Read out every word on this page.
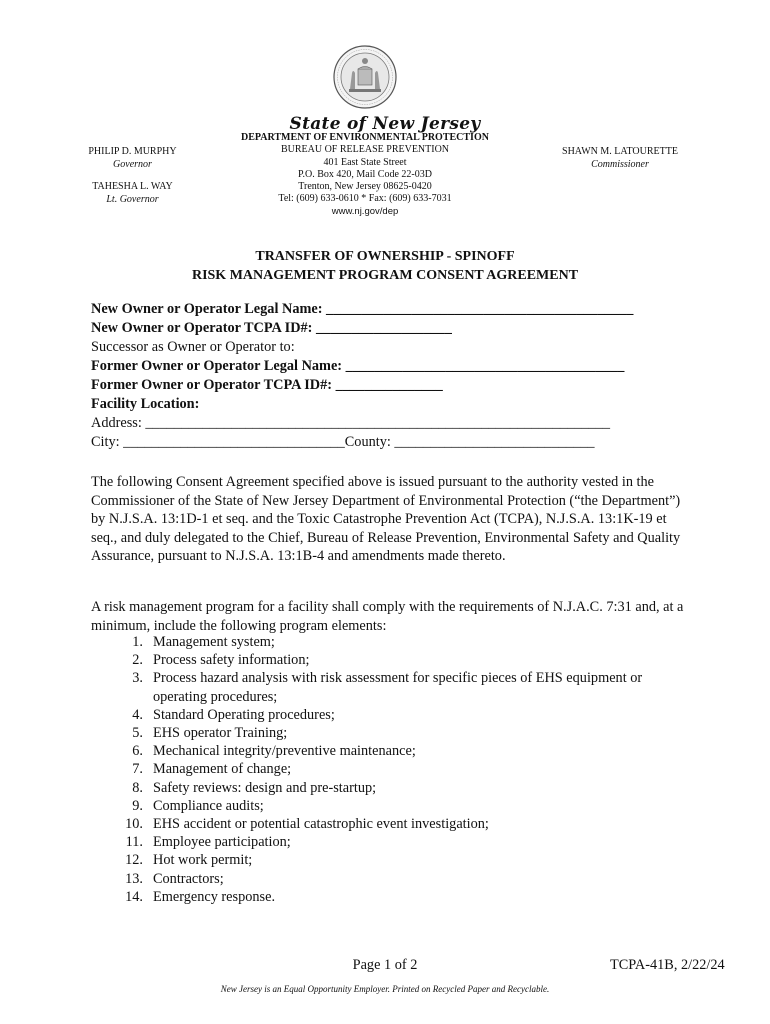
State of New Jersey
PHILIP D. MURPHY
Governor
TAHESHA L. WAY
Lt. Governor
DEPARTMENT OF ENVIRONMENTAL PROTECTION
BUREAU OF RELEASE PREVENTION
401 East State Street
P.O. Box 420, Mail Code 22-03D
Trenton, New Jersey 08625-0420
Tel: (609) 633-0610 * Fax: (609) 633-7031
www.nj.gov/dep
SHAWN M. LATOURETTE
Commissioner
TRANSFER OF OWNERSHIP - SPINOFF
RISK MANAGEMENT PROGRAM CONSENT AGREEMENT
New Owner or Operator Legal Name: ___________________________________________
New Owner or Operator TCPA ID#: ___________________
Successor as Owner or Operator to:
Former Owner or Operator Legal Name: _______________________________________
Former Owner or Operator TCPA ID#: _______________
Facility Location:
Address: _________________________________________________________________
City: _______________________________County: ____________________________
The following Consent Agreement specified above is issued pursuant to the authority vested in the Commissioner of the State of New Jersey Department of Environmental Protection (“the Department”) by N.J.S.A. 13:1D-1 et seq. and the Toxic Catastrophe Prevention Act (TCPA), N.J.S.A. 13:1K-19 et seq., and duly delegated to the Chief, Bureau of Release Prevention, Environmental Safety and Quality Assurance, pursuant to N.J.S.A. 13:1B-4 and amendments made thereto.
A risk management program for a facility shall comply with the requirements of N.J.A.C. 7:31 and, at a minimum, include the following program elements:
1. Management system;
2. Process safety information;
3. Process hazard analysis with risk assessment for specific pieces of EHS equipment or operating procedures;
4. Standard Operating procedures;
5. EHS operator Training;
6. Mechanical integrity/preventive maintenance;
7. Management of change;
8. Safety reviews: design and pre-startup;
9. Compliance audits;
10. EHS accident or potential catastrophic event investigation;
11. Employee participation;
12. Hot work permit;
13. Contractors;
14. Emergency response.
Page 1 of 2	TCPA-41B, 2/22/24
New Jersey is an Equal Opportunity Employer. Printed on Recycled Paper and Recyclable.
